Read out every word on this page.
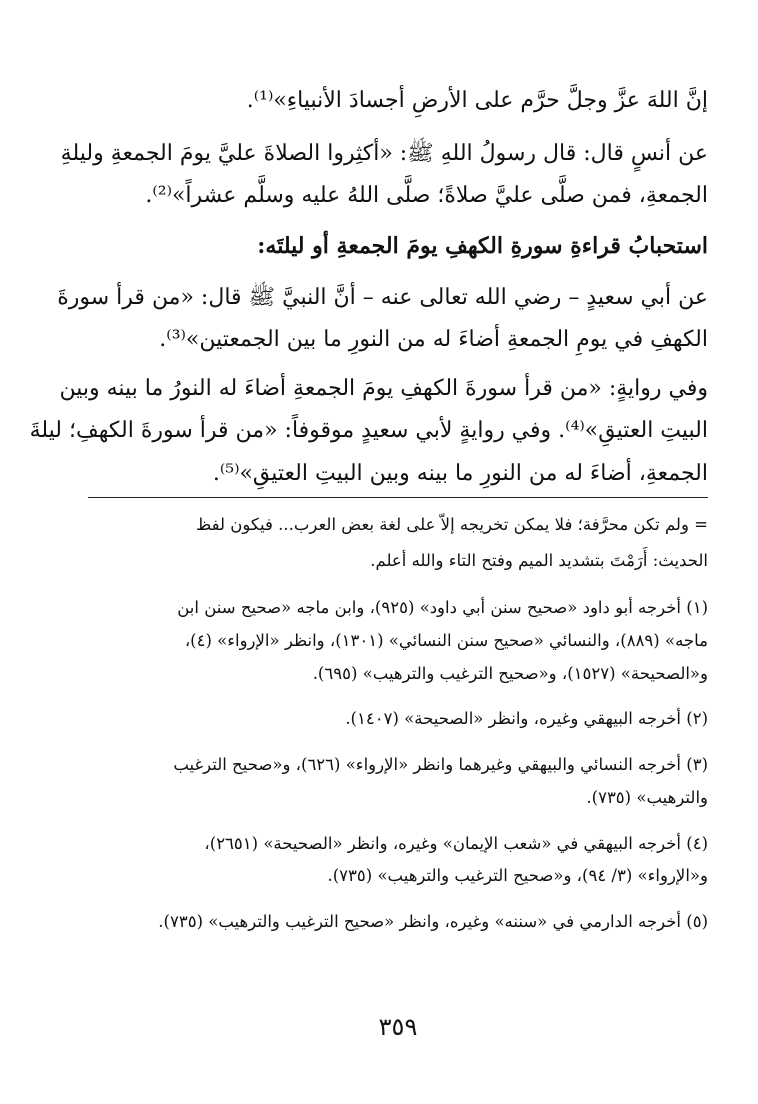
إنَّ اللهَ عزَّ وجلَّ حرَّم على الأرضِ أجسادَ الأنبياءِ»⁽¹⁾.
عن أنسٍ قال: قال رسولُ اللهِ ﷺ: «أكثِروا الصلاةَ عليَّ يومَ الجمعةِ وليلةِ
الجمعةِ، فمن صلَّى عليَّ صلاةً؛ صلَّى اللهُ عليه وسلَّم عشراً»⁽²⁾.
استحبابُ قراءةِ سورةِ الكهفِ يومَ الجمعةِ أو ليلتَه:
عن أبي سعيدٍ – رضي الله تعالى عنه – أنَّ النبيَّ ﷺ قال: «من قرأ سورةَ
الكهفِ في يومِ الجمعةِ أضاءَ له من النورِ ما بين الجمعتين»⁽³⁾.
وفي روايةٍ: «من قرأ سورةَ الكهفِ يومَ الجمعةِ أضاءَ له النورُ ما بينه وبين
البيتِ العتيقِ»⁽⁴⁾. وفي روايةٍ لأبي سعيدٍ موقوفاً: «من قرأ سورةَ الكهفِ؛ ليلةَ
الجمعةِ، أضاءَ له من النورِ ما بينه وبين البيتِ العتيقِ»⁽⁵⁾.
= ولم تكن محرَّفة؛ فلا يمكن تخريجه إلاّ على لغة بعض العرب... فيكون لفظ
الحديث: أَرَمْتَ بتشديد الميم وفتح التاء والله أعلم.
(١) أخرجه أبو داود «صحيح سنن أبي داود» (٩٢٥)، وابن ماجه «صحيح سنن ابن
ماجه» (٨٨٩)، والنسائي «صحيح سنن النسائي» (١٣٠١)، وانظر «الإرواء» (٤)،
و«الصحيحة» (١٥٢٧)، و«صحيح الترغيب والترهيب» (٦٩٥).
(٢) أخرجه البيهقي وغيره، وانظر «الصحيحة» (١٤٠٧).
(٣) أخرجه النسائي والبيهقي وغيرهما وانظر «الإرواء» (٦٢٦)، و«صحيح الترغيب
والترهيب» (٧٣٥).
(٤) أخرجه البيهقي في «شعب الإيمان» وغيره، وانظر «الصحيحة» (٢٦٥١)،
و«الإرواء» (٣/ ٩٤)، و«صحيح الترغيب والترهيب» (٧٣٥).
(٥) أخرجه الدارمي في «سننه» وغيره، وانظر «صحيح الترغيب والترهيب» (٧٣٥).
٣٥٩
